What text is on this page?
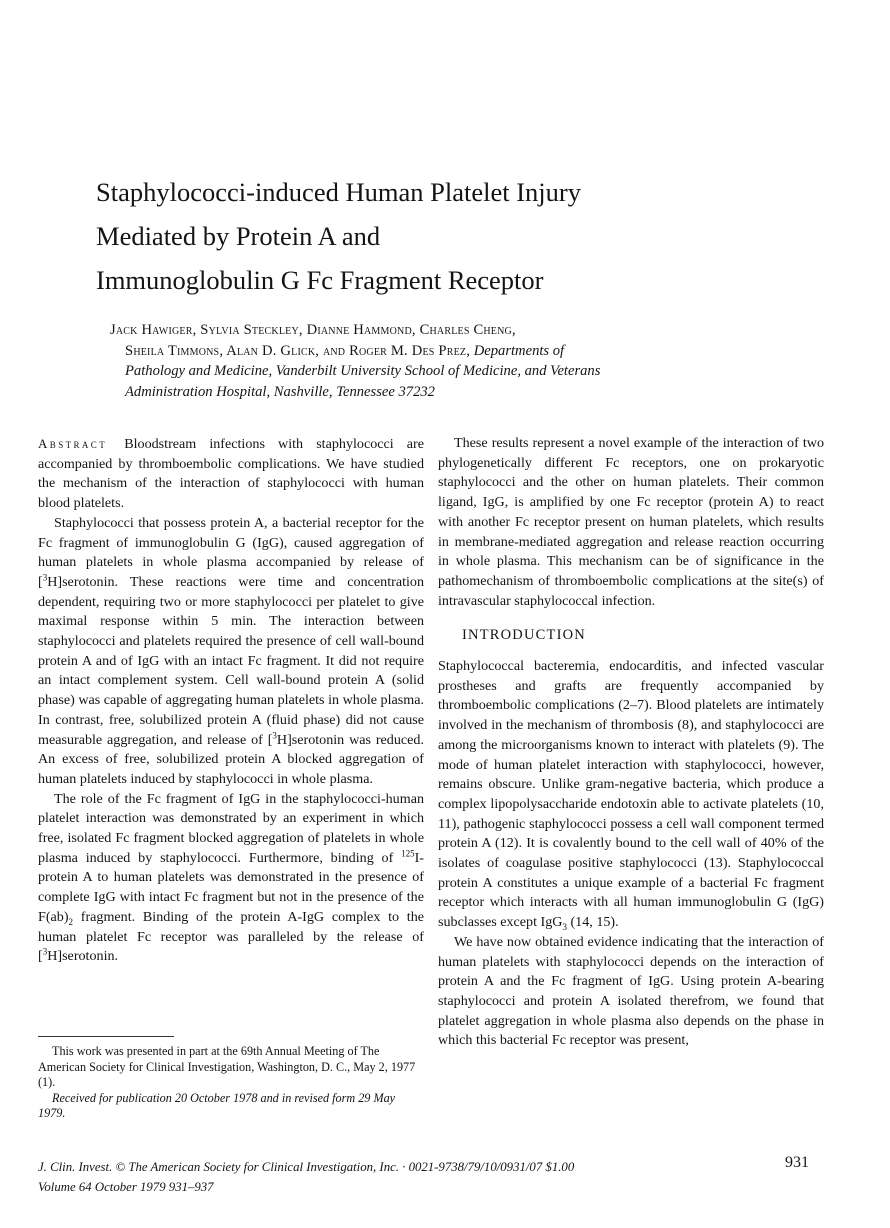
Staphylococci-induced Human Platelet Injury
Mediated by Protein A and
Immunoglobulin G Fc Fragment Receptor
Jack Hawiger, Sylvia Steckley, Dianne Hammond, Charles Cheng,
Sheila Timmons, Alan D. Glick, and Roger M. Des Prez, Departments of
Pathology and Medicine, Vanderbilt University School of Medicine, and Veterans
Administration Hospital, Nashville, Tennessee 37232

Abstract Bloodstream infections with staphylococci are accompanied by thromboembolic complications. We have studied the mechanism of the interaction of staphylococci with human blood platelets.

Staphylococci that possess protein A, a bacterial receptor for the Fc fragment of immunoglobulin G (IgG), caused aggregation of human platelets in whole plasma accompanied by release of [$^3$H]serotonin. These reactions were time and concentration dependent, requiring two or more staphylococci per platelet to give maximal response within 5 min. The interaction between staphylococci and platelets required the presence of cell wall-bound protein A and of IgG with an intact Fc fragment. It did not require an intact complement system. Cell wall-bound protein A (solid phase) was capable of aggregating human platelets in whole plasma. In contrast, free, solubilized protein A (fluid phase) did not cause measurable aggregation, and release of [$^3$H]serotonin was reduced. An excess of free, solubilized protein A blocked aggregation of human platelets induced by staphylococci in whole plasma.

The role of the Fc fragment of IgG in the staphylococci-human platelet interaction was demonstrated by an experiment in which free, isolated Fc fragment blocked aggregation of platelets in whole plasma induced by staphylococci. Furthermore, binding of $^{125}$I-protein A to human platelets was demonstrated in the presence of complete IgG with intact Fc fragment but not in the presence of the $F(ab)_2$ fragment. Binding of the protein A-IgG complex to the human platelet Fc receptor was paralleled by the release of [$^3$H]serotonin.

This work was presented in part at the 69th Annual Meeting of The American Society for Clinical Investigation, Washington, D. C., May 2, 1977 (1).

Received for publication 20 October 1978 and in revised form 29 May 1979.

These results represent a novel example of the interaction of two phylogenetically different Fc receptors, one on prokaryotic staphylococci and the other on human platelets. Their common ligand, IgG, is amplified by one Fc receptor (protein A) to react with another Fc receptor present on human platelets, which results in membrane-mediated aggregation and release reaction occurring in whole plasma. This mechanism can be of significance in the pathomechanism of thromboembolic complications at the site(s) of intravascular staphylococcal infection.

INTRODUCTION

Staphylococcal bacteremia, endocarditis, and infected vascular prostheses and grafts are frequently accompanied by thromboembolic complications (2–7). Blood platelets are intimately involved in the mechanism of thrombosis (8), and staphylococci are among the microorganisms known to interact with platelets (9). The mode of human platelet interaction with staphylococci, however, remains obscure. Unlike gram-negative bacteria, which produce a complex lipopolysaccharide endotoxin able to activate platelets (10, 11), pathogenic staphylococci possess a cell wall component termed protein A (12). It is covalently bound to the cell wall of 40% of the isolates of coagulase positive staphylococci (13). Staphylococcal protein A constitutes a unique example of a bacterial Fc fragment receptor which interacts with all human immunoglobulin G (IgG) subclasses except IgG$_3$ (14, 15).

We have now obtained evidence indicating that the interaction of human platelets with staphylococci depends on the interaction of protein A and the Fc fragment of IgG. Using protein A-bearing staphylococci and protein A isolated therefrom, we found that platelet aggregation in whole plasma also depends on the phase in which this bacterial Fc receptor was present,

J. Clin. Invest. © The American Society for Clinical Investigation, Inc. · 0021-9738/79/10/0931/07 $1.00
Volume 64 October 1979 931–937
931
